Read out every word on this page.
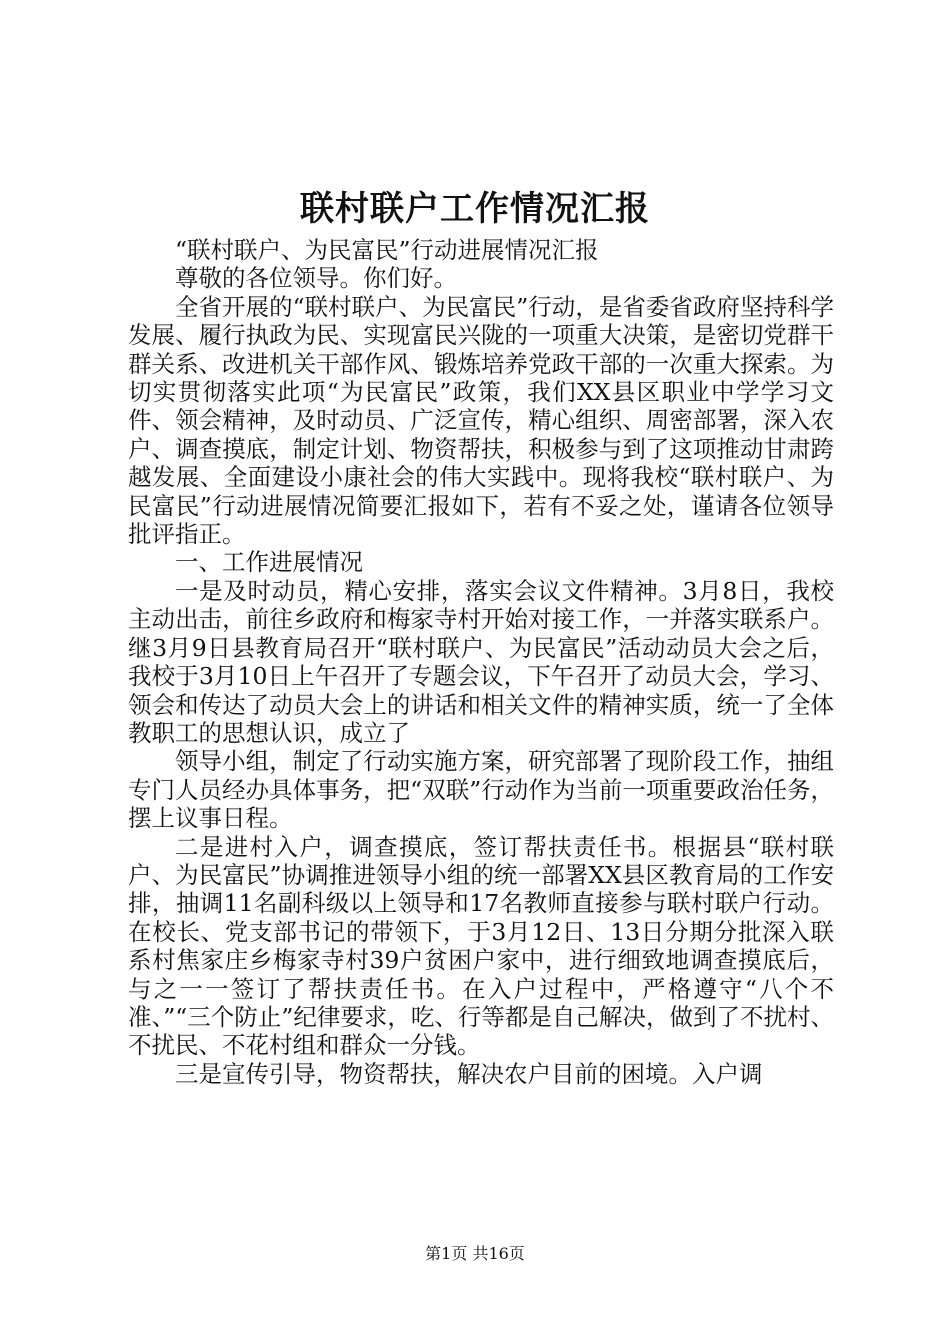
联村联户工作情况汇报

“联村联户、为民富民”行动进展情况汇报

尊敬的各位领导。你们好。

全省开展的“联村联户、为民富民”行动，是省委省政府坚持科学发展、履行执政为民、实现富民兴陇的一项重大决策，是密切党群干群关系、改进机关干部作风、锻炼培养党政干部的一次重大探索。为切实贯彻落实此项“为民富民”政策，我们XX县区职业中学学习文件、领会精神，及时动员、广泛宣传，精心组织、周密部署，深入农户、调查摸底，制定计划、物资帮扶，积极参与到了这项推动甘肃跨越发展、全面建设小康社会的伟大实践中。现将我校“联村联户、为民富民”行动进展情况简要汇报如下，若有不妥之处，谨请各位领导批评指正。

一、工作进展情况

一是及时动员，精心安排，落实会议文件精神。3月8日，我校主动出击，前往乡政府和梅家寺村开始对接工作，一并落实联系户。继3月9日县教育局召开“联村联户、为民富民”活动动员大会之后，我校于3月10日上午召开了专题会议，下午召开了动员大会，学习、领会和传达了动员大会上的讲话和相关文件的精神实质，统一了全体教职工的思想认识，成立了

领导小组，制定了行动实施方案，研究部署了现阶段工作，抽组专门人员经办具体事务，把“双联”行动作为当前一项重要政治任务，摆上议事日程。

二是进村入户，调查摸底，签订帮扶责任书。根据县“联村联户、为民富民”协调推进领导小组的统一部署XX县区教育局的工作安排，抽调11名副科级以上领导和17名教师直接参与联村联户行动。在校长、党支部书记的带领下，于3月12日、13日分期分批深入联系村焦家庄乡梅家寺村39户贫困户家中，进行细致地调查摸底后，与之一一签订了帮扶责任书。在入户过程中，严格遵守“八个不准、”“三个防止”纪律要求，吃、行等都是自己解决，做到了不扰村、不扰民、不花村组和群众一分钱。

三是宣传引导，物资帮扶，解决农户目前的困境。入户调

第1页 共16页
